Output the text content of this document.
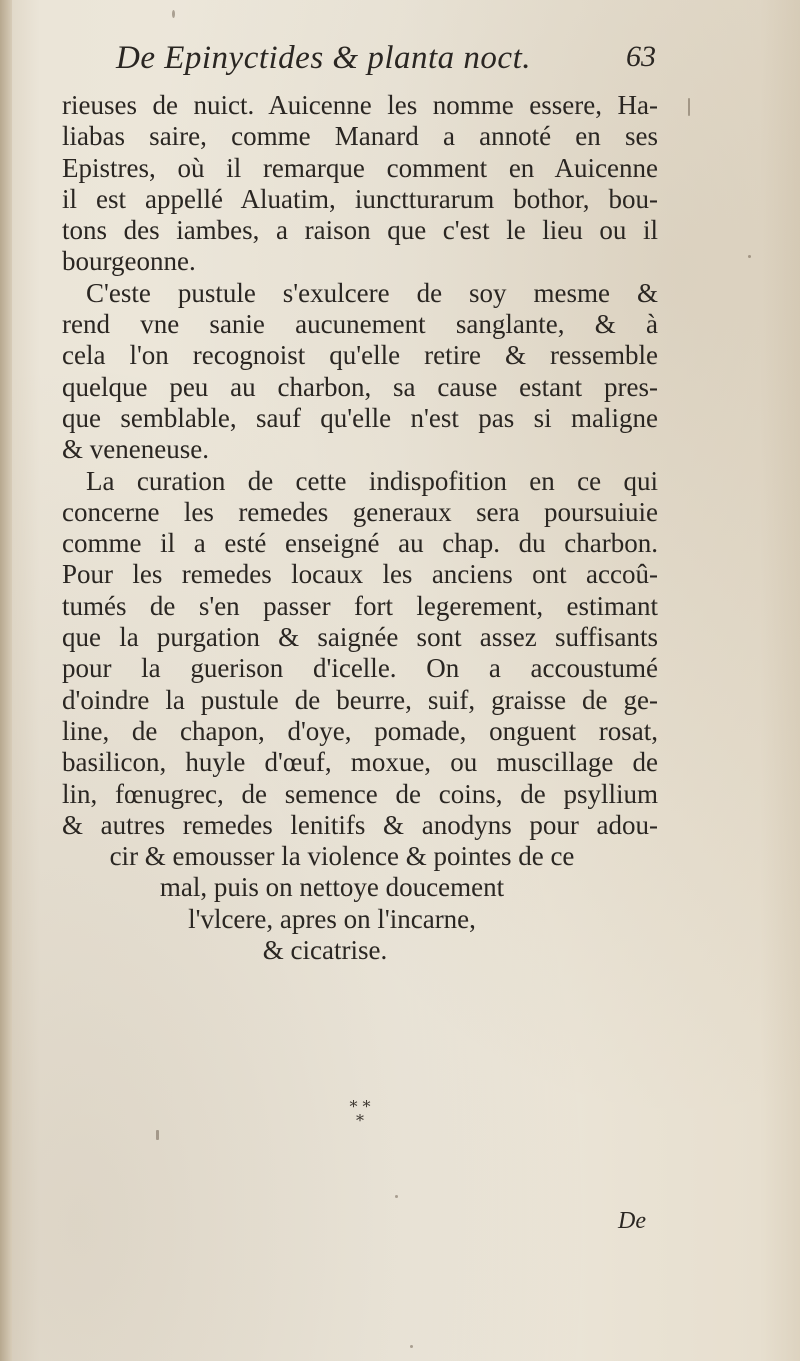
De Epinyctides & planta noct.	63
rieuses de nuict. Auicenne les nomme essere, Ha-
liabas saire, comme Manard a annoté en ses
Epistres, où il remarque comment en Auicenne
il est appellé Aluatim, iunctturarum bothor, bou-
tons des iambes, a raison que c'est le lieu ou il
bourgeonne.
C'este pustule s'exulcere de soy mesme &
rend vne sanie aucunement sanglante, & à
cela l'on recognoist qu'elle retire & ressemble
quelque peu au charbon, sa cause estant pres-
que semblable, sauf qu'elle n'est pas si maligne
& veneneuse.
La curation de cette indispofition en ce qui
concerne les remedes generaux sera poursuiuie
comme il a esté enseigné au chap. du charbon.
Pour les remedes locaux les anciens ont accoû-
tumés de s'en passer fort legerement, estimant
que la purgation & saignée sont assez suffisants
pour la guerison d'icelle. On a accoustumé
d'oindre la pustule de beurre, suif, graisse de ge-
line, de chapon, d'oye, pomade, onguent rosat,
basilicon, huyle d'œuf, moxue, ou muscillage de
lin, fœnugrec, de semence de coins, de psyllium
& autres remedes lenitifs & anodyns pour adou-
cir & emousser la violence & pointes de ce
mal, puis on nettoye doucement
l'vlcere, apres on l'incarne,
& cicatrise.
* *
*
De
